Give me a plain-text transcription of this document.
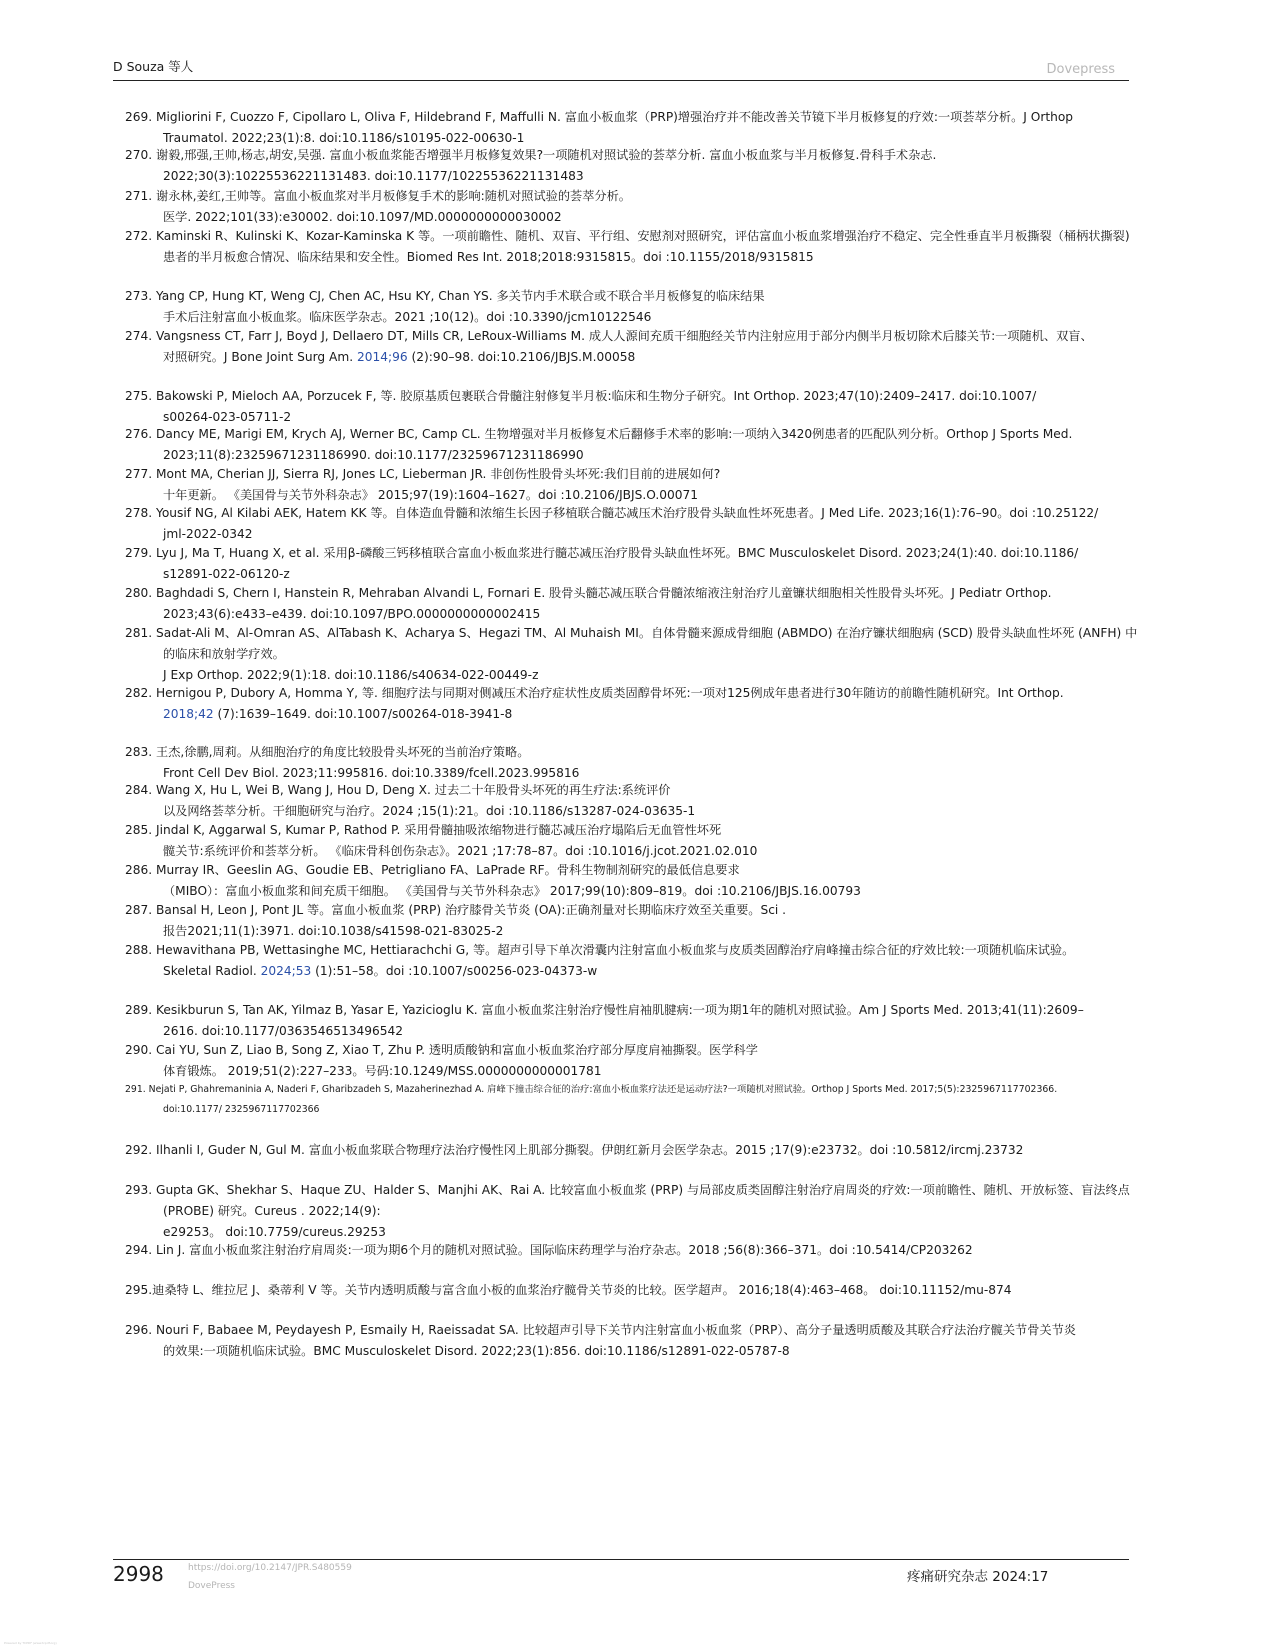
D Souza 等人	Dovepress
269. Migliorini F, Cuozzo F, Cipollaro L, Oliva F, Hildebrand F, Maffulli N. 富血小板血浆（PRP)增强治疗并不能改善关节镜下半月板修复的疗效:一项荟萃分析。J Orthop
Traumatol. 2022;23(1):8. doi:10.1186/s10195-022-00630-1
270. 谢毅,邢强,王帅,杨志,胡安,吴强. 富血小板血浆能否增强半月板修复效果?一项随机对照试验的荟萃分析. 富血小板血浆与半月板修复.骨科手术杂志.
2022;30(3):10225536221131483. doi:10.1177/10225536221131483
271. 谢永林,姜红,王帅等。富血小板血浆对半月板修复手术的影响:随机对照试验的荟萃分析。
医学. 2022;101(33):e30002. doi:10.1097/MD.0000000000030002
272. Kaminski R、Kulinski K、Kozar-Kaminska K 等。一项前瞻性、随机、双盲、平行组、安慰剂对照研究，评估富血小板血浆增强治疗不稳定、完全性垂直半月板撕裂（桶柄状撕裂)
患者的半月板愈合情况、临床结果和安全性。Biomed Res Int. 2018;2018:9315815。doi :10.1155/2018/9315815
273. Yang CP, Hung KT, Weng CJ, Chen AC, Hsu KY, Chan YS. 多关节内手术联合或不联合半月板修复的临床结果
手术后注射富血小板血浆。临床医学杂志。2021 ;10(12)。doi :10.3390/jcm10122546
274. Vangsness CT, Farr J, Boyd J, Dellaero DT, Mills CR, LeRoux-Williams M. 成人人源间充质干细胞经关节内注射应用于部分内侧半月板切除术后膝关节:一项随机、双盲、
对照研究。J Bone Joint Surg Am. 2014;96 (2):90–98. doi:10.2106/JBJS.M.00058
275. Bakowski P, Mieloch AA, Porzucek F, 等. 胶原基质包裹联合骨髓注射修复半月板:临床和生物分子研究。Int Orthop. 2023;47(10):2409–2417. doi:10.1007/
s00264-023-05711-2
276. Dancy ME, Marigi EM, Krych AJ, Werner BC, Camp CL. 生物增强对半月板修复术后翻修手术率的影响:一项纳入3420例患者的匹配队列分析。Orthop J Sports Med.
2023;11(8):23259671231186990. doi:10.1177/23259671231186990
277. Mont MA, Cherian JJ, Sierra RJ, Jones LC, Lieberman JR. 非创伤性股骨头坏死:我们目前的进展如何?
十年更新。 《美国骨与关节外科杂志》 2015;97(19):1604–1627。doi :10.2106/JBJS.O.00071
278. Yousif NG, Al Kilabi AEK, Hatem KK 等。自体造血骨髓和浓缩生长因子移植联合髓芯减压术治疗股骨头缺血性坏死患者。J Med Life. 2023;16(1):76–90。doi :10.25122/
jml-2022-0342
279. Lyu J, Ma T, Huang X, et al. 采用β-磷酸三钙移植联合富血小板血浆进行髓芯减压治疗股骨头缺血性坏死。BMC Musculoskelet Disord. 2023;24(1):40. doi:10.1186/
s12891-022-06120-z
280. Baghdadi S, Chern I, Hanstein R, Mehraban Alvandi L, Fornari E. 股骨头髓芯减压联合骨髓浓缩液注射治疗儿童镰状细胞相关性股骨头坏死。J Pediatr Orthop.
2023;43(6):e433–e439. doi:10.1097/BPO.0000000000002415
281. Sadat-Ali M、Al-Omran AS、AlTabash K、Acharya S、Hegazi TM、Al Muhaish MI。自体骨髓来源成骨细胞 (ABMDO) 在治疗镰状细胞病 (SCD) 股骨头缺血性坏死 (ANFH) 中
的临床和放射学疗效。
J Exp Orthop. 2022;9(1):18. doi:10.1186/s40634-022-00449-z
282. Hernigou P, Dubory A, Homma Y, 等. 细胞疗法与同期对侧减压术治疗症状性皮质类固醇骨坏死:一项对125例成年患者进行30年随访的前瞻性随机研究。Int Orthop.
2018;42 (7):1639–1649. doi:10.1007/s00264-018-3941-8
283. 王杰,徐鹏,周莉。从细胞治疗的角度比较股骨头坏死的当前治疗策略。
Front Cell Dev Biol. 2023;11:995816. doi:10.3389/fcell.2023.995816
284. Wang X, Hu L, Wei B, Wang J, Hou D, Deng X. 过去二十年股骨头坏死的再生疗法:系统评价
以及网络荟萃分析。干细胞研究与治疗。2024 ;15(1):21。doi :10.1186/s13287-024-03635-1
285. Jindal K, Aggarwal S, Kumar P, Rathod P. 采用骨髓抽吸浓缩物进行髓芯减压治疗塌陷后无血管性坏死
髋关节:系统评价和荟萃分析。 《临床骨科创伤杂志》。2021 ;17:78–87。doi :10.1016/j.jcot.2021.02.010
286. Murray IR、Geeslin AG、Goudie EB、Petrigliano FA、LaPrade RF。骨科生物制剂研究的最低信息要求
（MIBO）：富血小板血浆和间充质干细胞。 《美国骨与关节外科杂志》 2017;99(10):809–819。doi :10.2106/JBJS.16.00793
287. Bansal H, Leon J, Pont JL 等。富血小板血浆 (PRP) 治疗膝骨关节炎 (OA):正确剂量对长期临床疗效至关重要。Sci .
报告2021;11(1):3971. doi:10.1038/s41598-021-83025-2
288. Hewavithana PB, Wettasinghe MC, Hettiarachchi G, 等。超声引导下单次滑囊内注射富血小板血浆与皮质类固醇治疗肩峰撞击综合征的疗效比较:一项随机临床试验。
Skeletal Radiol. 2024;53 (1):51–58。doi :10.1007/s00256-023-04373-w
289. Kesikburun S, Tan AK, Yilmaz B, Yasar E, Yazicioglu K. 富血小板血浆注射治疗慢性肩袖肌腱病:一项为期1年的随机对照试验。Am J Sports Med. 2013;41(11):2609–
2616. doi:10.1177/0363546513496542
290. Cai YU, Sun Z, Liao B, Song Z, Xiao T, Zhu P. 透明质酸钠和富血小板血浆治疗部分厚度肩袖撕裂。医学科学
体育锻炼。 2019;51(2):227–233。号码:10.1249/MSS.0000000000001781
291. Nejati P, Ghahremaninia A, Naderi F, Gharibzadeh S, Mazaherinezhad A. 肩峰下撞击综合征的治疗:富血小板血浆疗法还是运动疗法?一项随机对照试验。Orthop J Sports Med. 2017;5(5):2325967117702366.
doi:10.1177/ 2325967117702366
292. Ilhanli I, Guder N, Gul M. 富血小板血浆联合物理疗法治疗慢性冈上肌部分撕裂。伊朗红新月会医学杂志。2015 ;17(9):e23732。doi :10.5812/ircmj.23732
293. Gupta GK、Shekhar S、Haque ZU、Halder S、Manjhi AK、Rai A. 比较富血小板血浆 (PRP) 与局部皮质类固醇注射治疗肩周炎的疗效:一项前瞻性、随机、开放标签、盲法终点
(PROBE) 研究。Cureus . 2022;14(9):
e29253。 doi:10.7759/cureus.29253
294. Lin J. 富血小板血浆注射治疗肩周炎:一项为期6个月的随机对照试验。国际临床药理学与治疗杂志。2018 ;56(8):366–371。doi :10.5414/CP203262
295.迪桑特 L、维拉尼 J、桑蒂利 V 等。关节内透明质酸与富含血小板的血浆治疗髋骨关节炎的比较。医学超声。 2016;18(4):463–468。 doi:10.11152/mu-874
296. Nouri F, Babaee M, Peydayesh P, Esmaily H, Raeissadat SA. 比较超声引导下关节内注射富血小板血浆（PRP）、高分子量透明质酸及其联合疗法治疗髋关节骨关节炎
的效果:一项随机临床试验。BMC Musculoskelet Disord. 2022;23(1):856. doi:10.1186/s12891-022-05787-8
2998	https://doi.org/10.2147/JPR.S480559
DovePress
疼痛研究杂志 2024:17
Powered by TCPDF (www.tcpdf.org)
